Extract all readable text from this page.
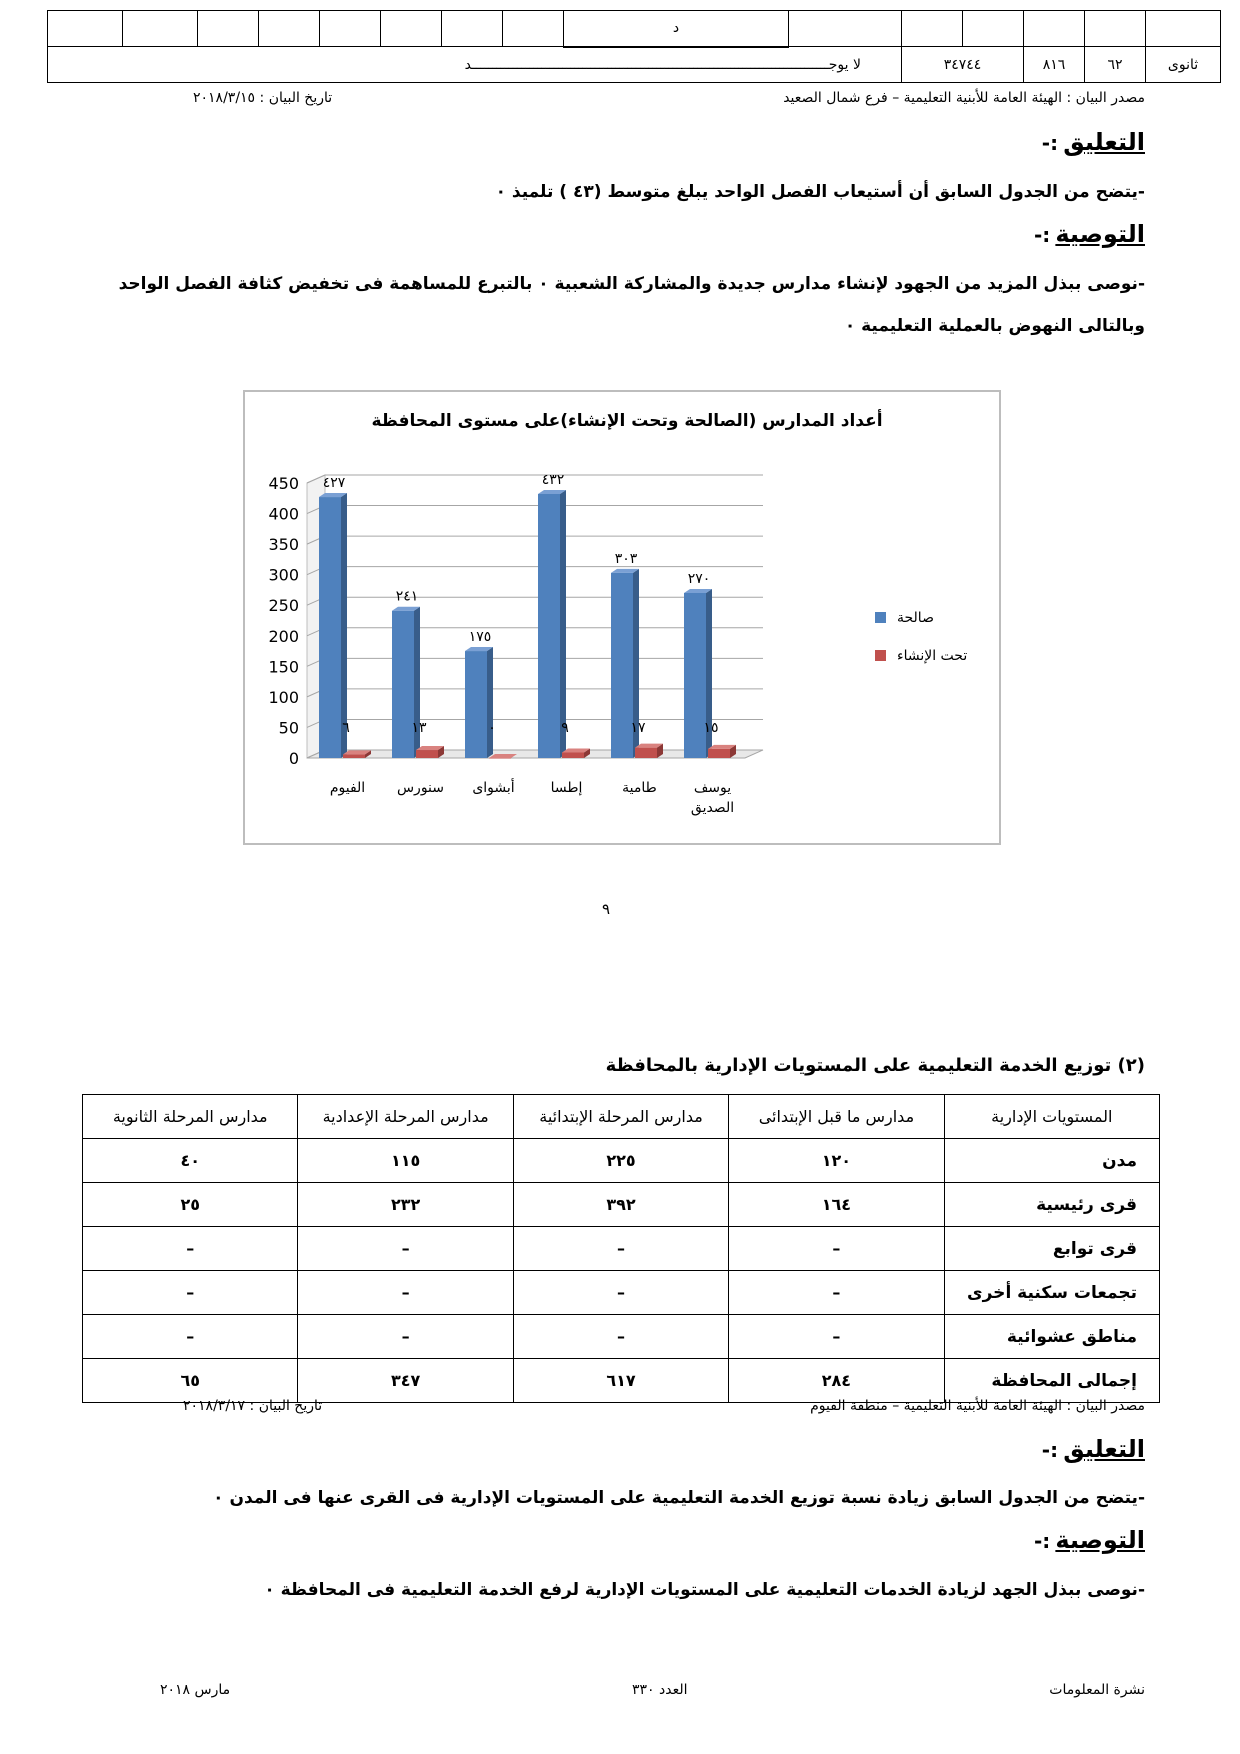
						د								
ثانوى	٦٢	٨١٦	٣٤٧٤٤		لا يوجـــــــــــــــــــــــــــــــــــــــــــــــــــــــــــــــــــــــــــــــــــــــد									
مصدر البيان : الهيئة العامة للأبنية التعليمية – فرع شمال الصعيد
تاريخ البيان : ٢٠١٨/٣/١٥
التعليق :-
-يتضح من الجدول السابق أن أستيعاب الفصل الواحد يبلغ متوسط (٤٣ ) تلميذ ٠
التوصية :-
-نوصى ببذل المزيد من الجهود لإنشاء مدارس جديدة والمشاركة الشعبية ٠ بالتبرع للمساهمة فى تخفيض كثافة الفصل الواحد
وبالتالى النهوض بالعملية التعليمية ٠
أعداد المدارس (الصالحة وتحت الإنشاء)على مستوى المحافظة
0
50
100
150
200
250
300
350
400
450
الفيوم سنورس أبشواى	إطسا	طامية	يوسف
الصديق
٤٢٧
٦
٢٤١
١٣
١٧٥
٠
٤٣٢
٩
٣٠٣
١٧
٢٧٠
١٥
صالحة
تحت الإنشاء
٩
(٢) توزيع الخدمة التعليمية على المستويات الإدارية بالمحافظة
المستويات الإدارية	مدارس ما قبل الإبتدائى	مدارس المرحلة الإبتدائية	مدارس المرحلة الإعدادية	مدارس المرحلة الثانوية
مدن	١٢٠	٢٢٥	١١٥	٤٠
قرى رئيسية	١٦٤	٣٩٢	٢٣٢	٢٥
قرى توابع	–	–	–	–
تجمعات سكنية أخرى	–	–	–	–
مناطق عشوائية	–	–	–	–
إجمالى المحافظة	٢٨٤	٦١٧	٣٤٧	٦٥
مصدر البيان : الهيئة العامة للأبنية التعليمية – منطقة الفيوم
تاريخ البيان : ٢٠١٨/٣/١٧
التعليق :-
-يتضح من الجدول السابق زيادة نسبة توزيع الخدمة التعليمية على المستويات الإدارية فى القرى عنها فى المدن ٠
التوصية :-
-نوصى ببذل الجهد لزيادة الخدمات التعليمية على المستويات الإدارية لرفع الخدمة التعليمية فى المحافظة ٠
نشرة المعلومات
العدد ٣٣٠
مارس ٢٠١٨
